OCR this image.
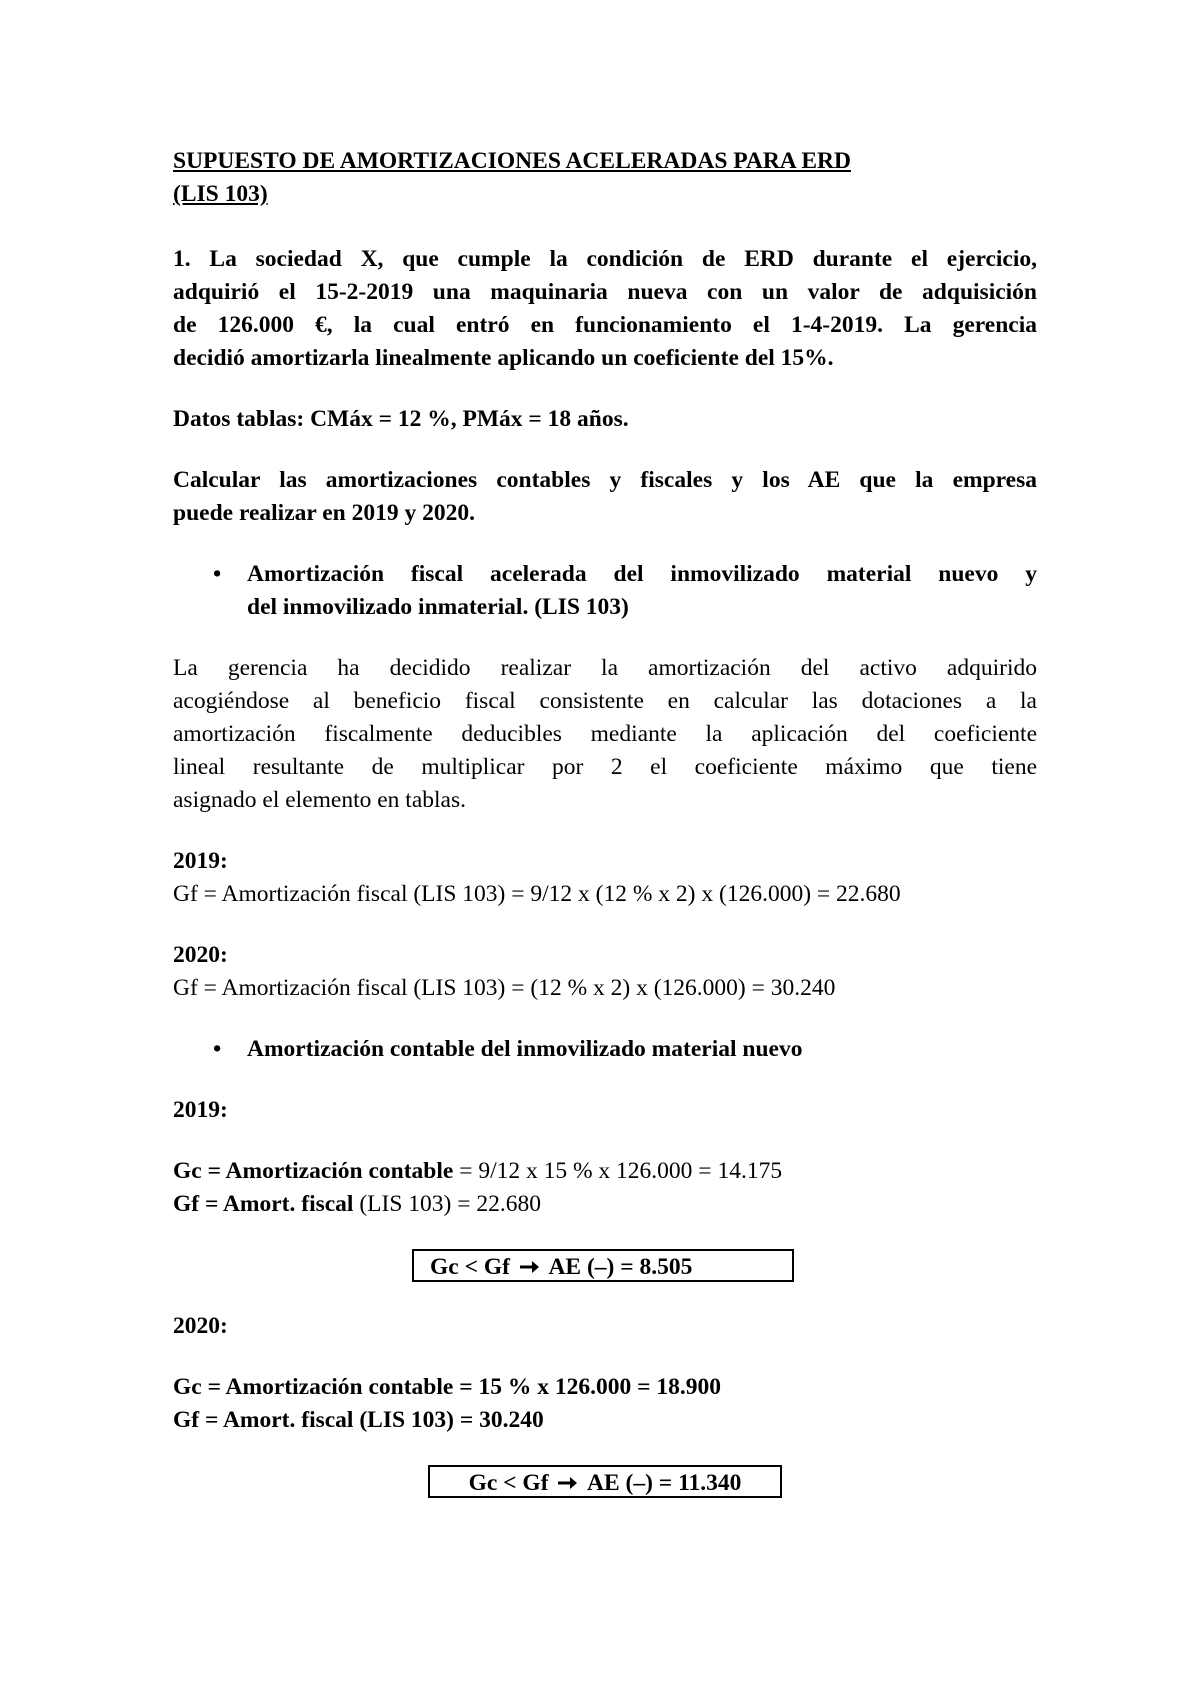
SUPUESTO DE AMORTIZACIONES ACELERADAS PARA ERD

(LIS 103)

1. La sociedad X, que cumple la condición de ERD durante el ejercicio,

adquirió el 15-2-2019 una maquinaria nueva con un valor de adquisición

de 126.000 €, la cual entró en funcionamiento el 1-4-2019. La gerencia

decidió amortizarla linealmente aplicando un coeficiente del 15%.

Datos tablas: CMáx = 12 %, PMáx = 18 años.

Calcular las amortizaciones contables y fiscales y los AE que la empresa

puede realizar en 2019 y 2020.

•	Amortización fiscal acelerada del inmovilizado material nuevo y

del inmovilizado inmaterial. (LIS 103)

La gerencia ha decidido realizar la amortización del activo adquirido

acogiéndose al beneficio fiscal consistente en calcular las dotaciones a la

amortización fiscalmente deducibles mediante la aplicación del coeficiente

lineal resultante de multiplicar por 2 el coeficiente máximo que tiene

asignado el elemento en tablas.

2019:

Gf = Amortización fiscal (LIS 103) = 9/12 x (12 % x 2) x (126.000) = 22.680

2020:

Gf = Amortización fiscal (LIS 103) = (12 % x 2) x (126.000) = 30.240

•	Amortización contable del inmovilizado material nuevo

2019:

Gc = Amortización contable = 9/12 x 15 % x 126.000 = 14.175

Gf = Amort. fiscal (LIS 103) = 22.680

Gc < Gf AE (–) = 8.505

2020:

Gc = Amortización contable = 15 % x 126.000 = 18.900

Gf = Amort. fiscal (LIS 103) = 30.240

Gc < Gf AE (–) = 11.340
